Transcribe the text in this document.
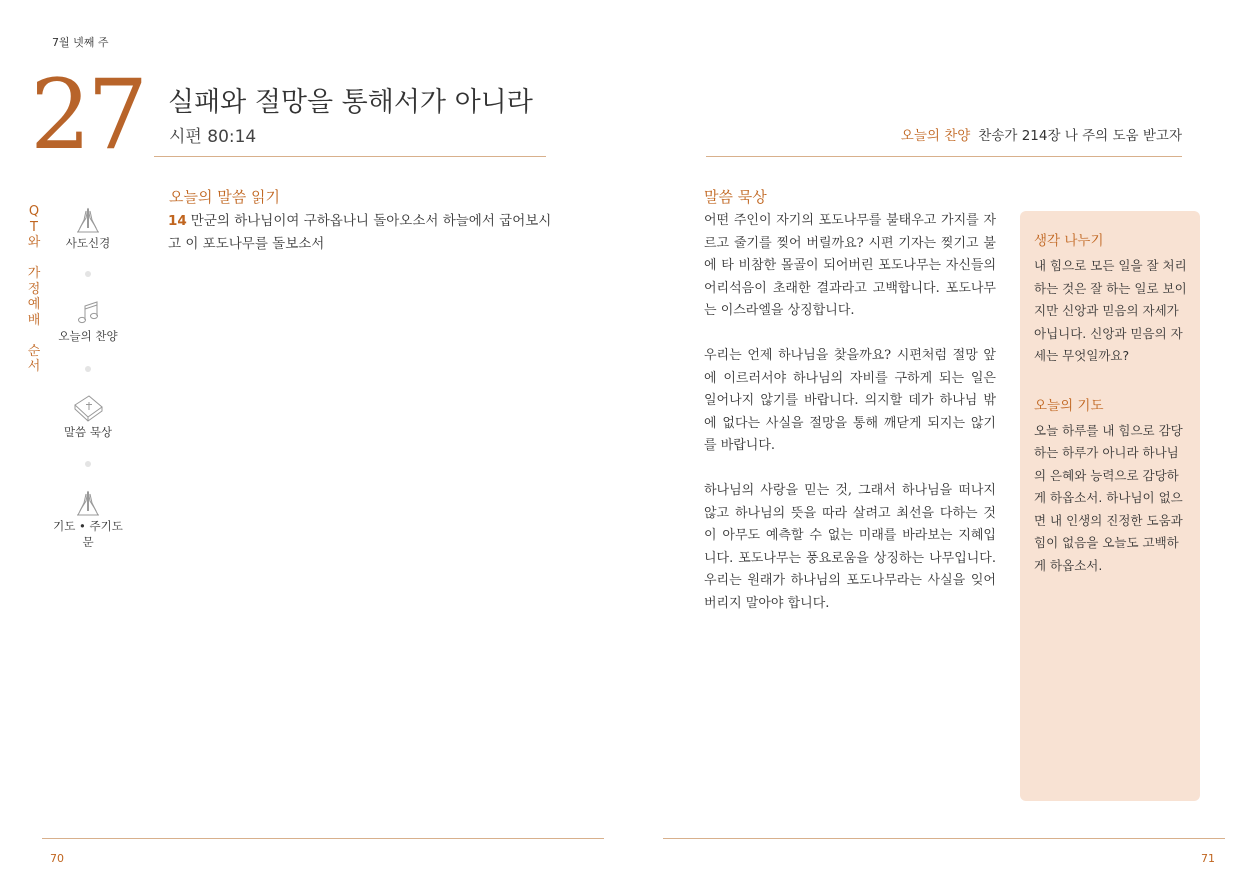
7월 넷째 주
27 실패와 절망을 통해서가 아니라
시편 80:14	오늘의 찬양 찬송가 214장 나 주의 도움 받고자
Q
T
와
가
정
예
배
순
서
사도신경
오늘의 찬양
말씀 묵상
기도 • 주기도문
오늘의 말씀 읽기
14 만군의 하나님이여 구하옵나니 돌아오소서 하늘에서 굽어보시고 이 포도나무를 돌보소서
말씀 묵상

어떤 주인이 자기의 포도나무를 불태우고 가지를 자르고 줄기를 찢어 버릴까요? 시편 기자는 찢기고 불에 타 비참한 몰골이 되어버린 포도나무는 자신들의 어리석음이 초래한 결과라고 고백합니다. 포도나무는 이스라엘을 상징합니다.

우리는 언제 하나님을 찾을까요? 시편처럼 절망 앞에 이르러서야 하나님의 자비를 구하게 되는 일은 일어나지 않기를 바랍니다. 의지할 데가 하나님 밖에 없다는 사실을 절망을 통해 깨닫게 되지는 않기를 바랍니다.

하나님의 사랑을 믿는 것, 그래서 하나님을 떠나지 않고 하나님의 뜻을 따라 살려고 최선을 다하는 것이 아무도 예측할 수 없는 미래를 바라보는 지혜입니다. 포도나무는 풍요로움을 상징하는 나무입니다. 우리는 원래가 하나님의 포도나무라는 사실을 잊어 버리지 말아야 합니다.

생각 나누기
내 힘으로 모든 일을 잘 처리하는 것은 잘 하는 일로 보이지만 신앙과 믿음의 자세가 아닙니다. 신앙과 믿음의 자세는 무엇일까요?
오늘의 기도
오늘 하루를 내 힘으로 감당하는 하루가 아니라 하나님의 은혜와 능력으로 감당하게 하옵소서. 하나님이 없으면 내 인생의 진정한 도움과 힘이 없음을 오늘도 고백하게 하옵소서.
70	71
